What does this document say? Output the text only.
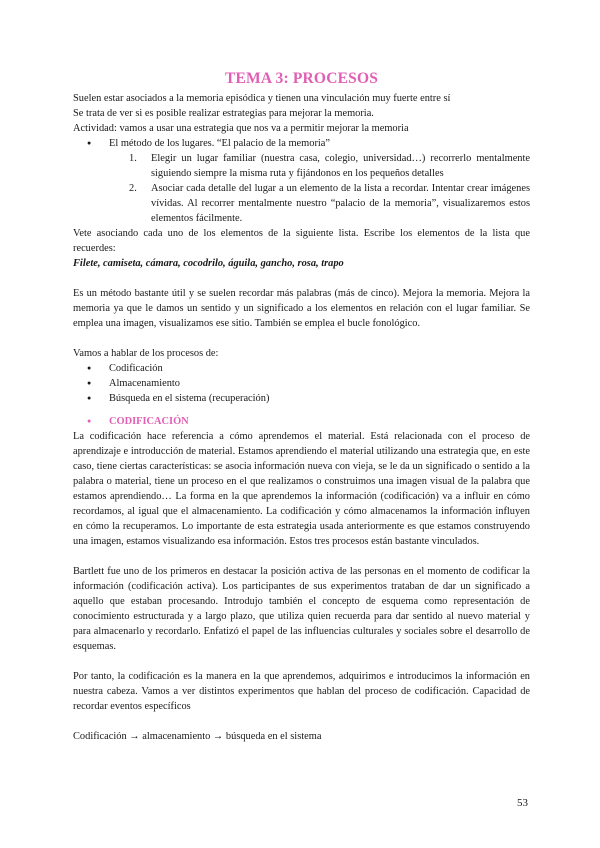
TEMA 3: PROCESOS

Suelen estar asociados a la memoria episódica y tienen una vinculación muy fuerte entre sí

Se trata de ver si es posible realizar estrategias para mejorar la memoria.

Actividad: vamos a usar una estrategia que nos va a permitir mejorar la memoria

● El método de los lugares. “El palacio de la memoria”
1. Elegir un lugar familiar (nuestra casa, colegio, universidad…) recorrerlo mentalmente siguiendo siempre la misma ruta y fijándonos en los pequeños detalles
2. Asociar cada detalle del lugar a un elemento de la lista a recordar. Intentar crear imágenes vívidas. Al recorrer mentalmente nuestro “palacio de la memoria”, visualizaremos estos elementos fácilmente.

Vete asociando cada uno de los elementos de la siguiente lista. Escribe los elementos de la lista que recuerdes:

Filete, camiseta, cámara, cocodrilo, águila, gancho, rosa, trapo

Es un método bastante útil y se suelen recordar más palabras (más de cinco). Mejora la memoria. Mejora la memoria ya que le damos un sentido y un significado a los elementos en relación con el lugar familiar. Se emplea una imagen, visualizamos ese sitio. También se emplea el bucle fonológico.

Vamos a hablar de los procesos de:

● Codificación
● Almacenamiento
● Búsqueda en el sistema (recuperación)
● CODIFICACIÓN

La codificación hace referencia a cómo aprendemos el material. Está relacionada con el proceso de aprendizaje e introducción de material. Estamos aprendiendo el material utilizando una estrategia que, en este caso, tiene ciertas características: se asocia información nueva con vieja, se le da un significado o sentido a la palabra o material, tiene un proceso en el que realizamos o construimos una imagen visual de la palabra que estamos aprendiendo… La forma en la que aprendemos la información (codificación) va a influir en cómo recordamos, al igual que el almacenamiento. La codificación y cómo almacenamos la información influyen en cómo la recuperamos. Lo importante de esta estrategia usada anteriormente es que estamos construyendo una imagen, estamos visualizando esa información. Estos tres procesos están bastante vinculados.

Bartlett fue uno de los primeros en destacar la posición activa de las personas en el momento de codificar la información (codificación activa). Los participantes de sus experimentos trataban de dar un significado a aquello que estaban procesando. Introdujo también el concepto de esquema como representación de conocimiento estructurada y a largo plazo, que utiliza quien recuerda para dar sentido al nuevo material y para almacenarlo y recordarlo. Enfatizó el papel de las influencias culturales y sociales sobre el desarrollo de esquemas.

Por tanto, la codificación es la manera en la que aprendemos, adquirimos e introducimos la información en nuestra cabeza. Vamos a ver distintos experimentos que hablan del proceso de codificación. Capacidad de recordar eventos específicos

Codificación → almacenamiento → búsqueda en el sistema

53
